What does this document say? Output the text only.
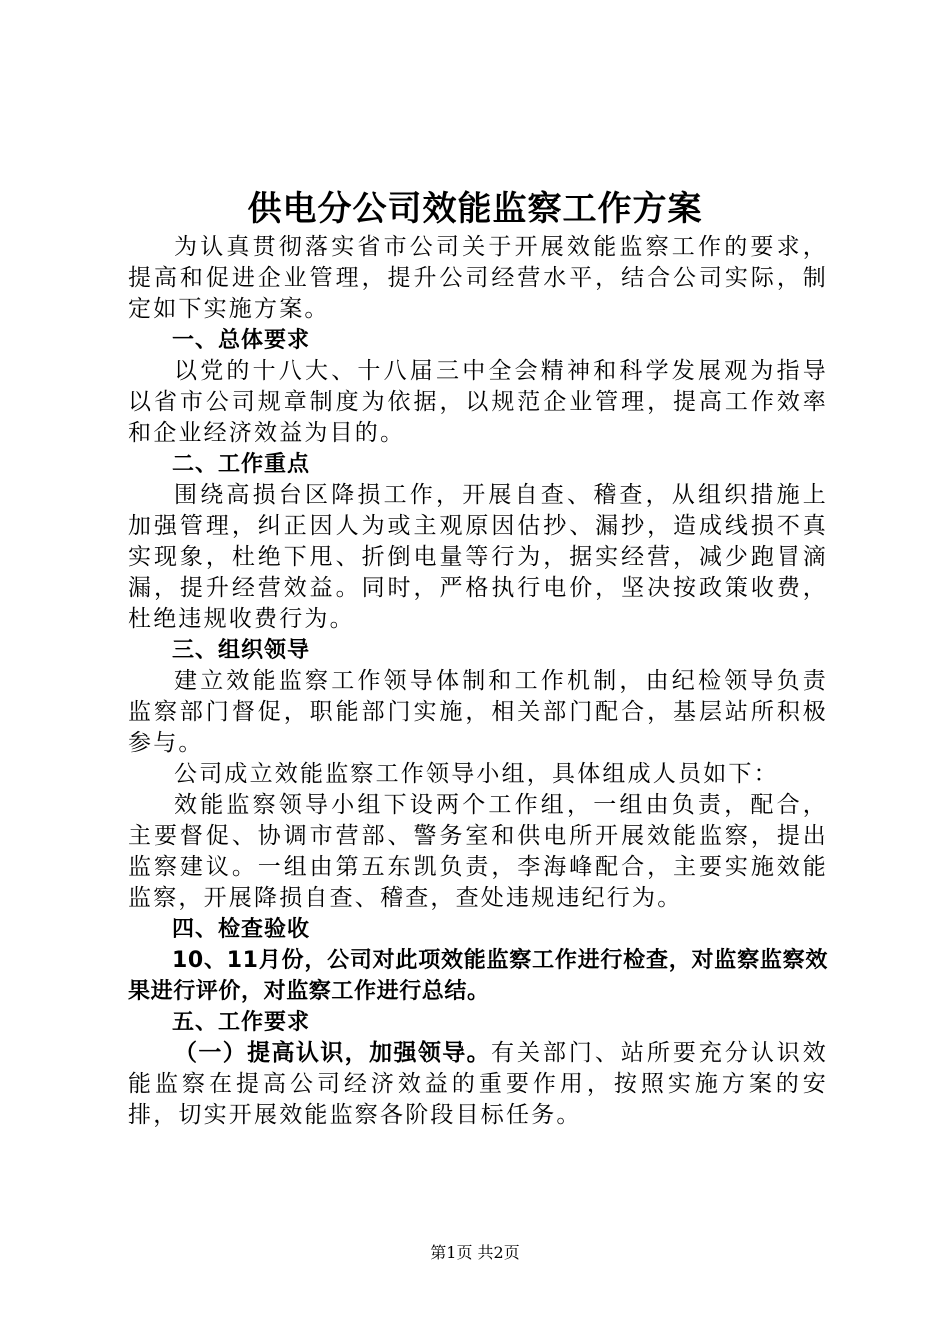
供电分公司效能监察工作方案

为认真贯彻落实省市公司关于开展效能监察工作的要求，提高和促进企业管理，提升公司经营水平，结合公司实际，制定如下实施方案。

一、总体要求

以党的十八大、十八届三中全会精神和科学发展观为指导以省市公司规章制度为依据，以规范企业管理，提高工作效率和企业经济效益为目的。

二、工作重点

围绕高损台区降损工作，开展自查、稽查，从组织措施上加强管理，纠正因人为或主观原因估抄、漏抄，造成线损不真实现象，杜绝下甩、折倒电量等行为，据实经营，减少跑冒滴漏，提升经营效益。同时，严格执行电价，坚决按政策收费，杜绝违规收费行为。

三、组织领导

建立效能监察工作领导体制和工作机制，由纪检领导负责监察部门督促，职能部门实施，相关部门配合，基层站所积极参与。

公司成立效能监察工作领导小组，具体组成人员如下：

效能监察领导小组下设两个工作组，一组由负责，配合，主要督促、协调市营部、警务室和供电所开展效能监察，提出监察建议。一组由第五东凯负责，李海峰配合，主要实施效能监察，开展降损自查、稽查，查处违规违纪行为。

四、检查验收

10、11月份，公司对此项效能监察工作进行检查，对监察监察效果进行评价，对监察工作进行总结。

五、工作要求

（一）提高认识，加强领导。有关部门、站所要充分认识效能监察在提高公司经济效益的重要作用，按照实施方案的安排，切实开展效能监察各阶段目标任务。

第1页 共2页
